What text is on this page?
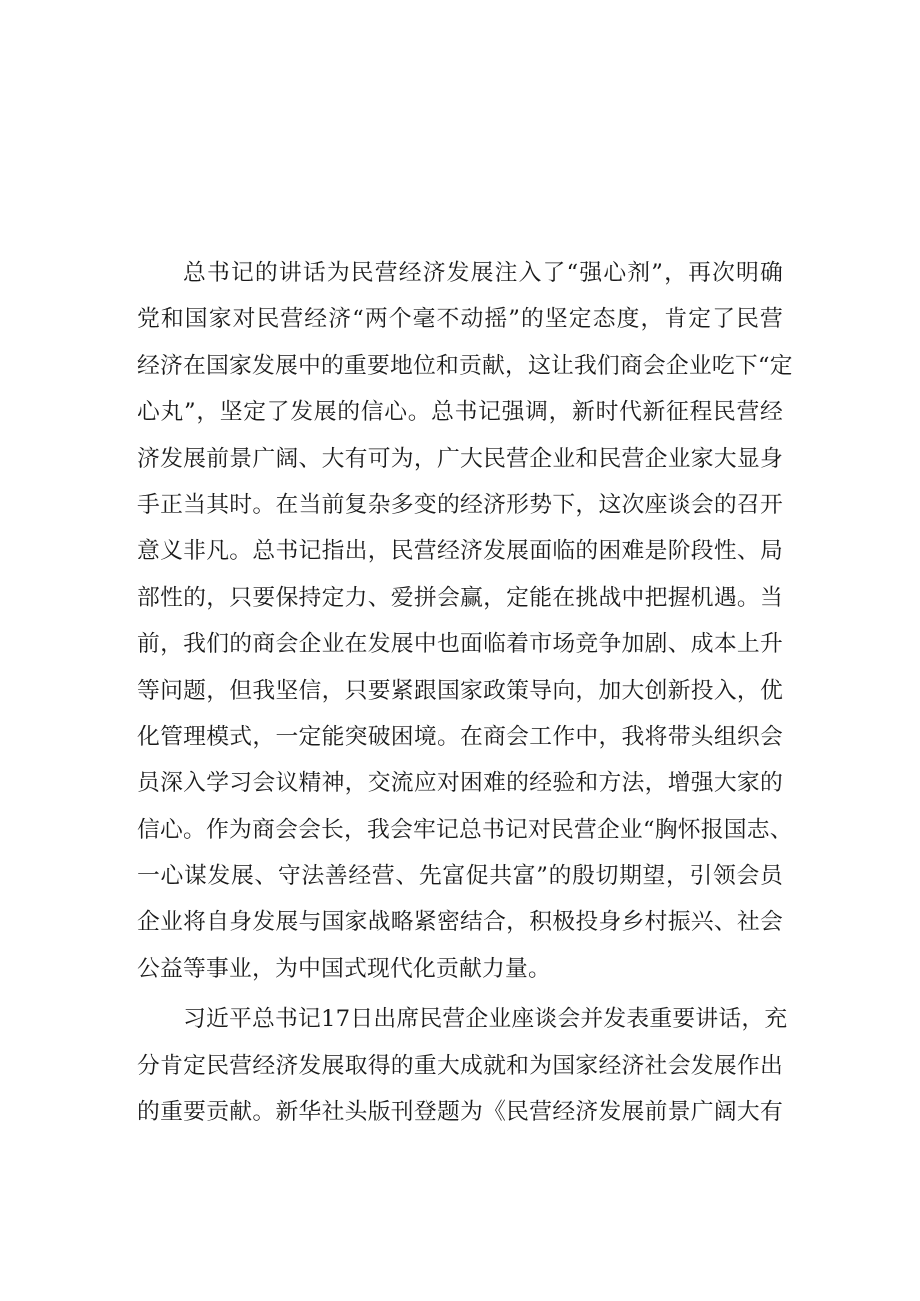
总书记的讲话为民营经济发展注入了“强心剂”，再次明确
党和国家对民营经济“两个毫不动摇”的坚定态度，肯定了民营
经济在国家发展中的重要地位和贡献，这让我们商会企业吃下“定
心丸”，坚定了发展的信心。总书记强调，新时代新征程民营经
济发展前景广阔、大有可为，广大民营企业和民营企业家大显身
手正当其时。在当前复杂多变的经济形势下，这次座谈会的召开
意义非凡。总书记指出，民营经济发展面临的困难是阶段性、局
部性的，只要保持定力、爱拼会赢，定能在挑战中把握机遇。当
前，我们的商会企业在发展中也面临着市场竞争加剧、成本上升
等问题，但我坚信，只要紧跟国家政策导向，加大创新投入，优
化管理模式，一定能突破困境。在商会工作中，我将带头组织会
员深入学习会议精神，交流应对困难的经验和方法，增强大家的
信心。作为商会会长，我会牢记总书记对民营企业“胸怀报国志、
一心谋发展、守法善经营、先富促共富”的殷切期望，引领会员
企业将自身发展与国家战略紧密结合，积极投身乡村振兴、社会
公益等事业，为中国式现代化贡献力量。
习近平总书记17日出席民营企业座谈会并发表重要讲话，充
分肯定民营经济发展取得的重大成就和为国家经济社会发展作出
的重要贡献。新华社头版刊登题为《民营经济发展前景广阔大有
